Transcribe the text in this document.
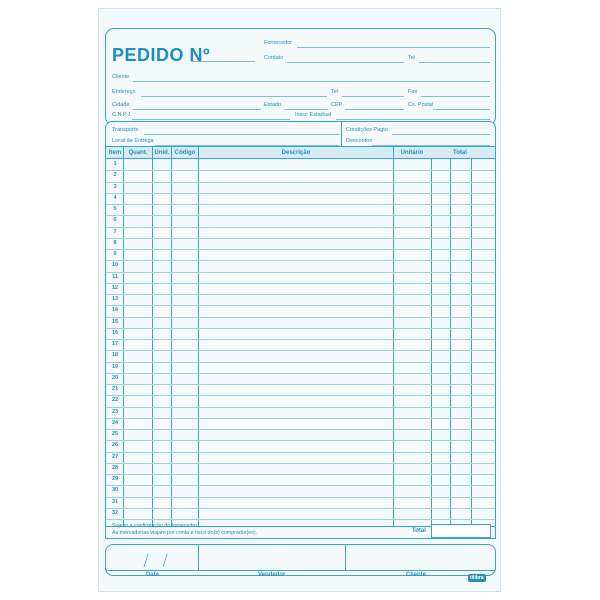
PEDIDO Nº
Fornecedor
Contato	Tel
Cliente
Endereço	Tel	Fax
Cidade	Estado	CEP	Cx. Postal
C.N.P.J.	Inscr. Estadual
Transporte	Condições Pagto
Local de Entrega	Descontos
Item	Quant.	Unid. Código	Descrição	Unitário	Total
1
2
3
4
5
6
7
8
9
10
11
12
13
14
15
16
17
18
19
20
21
22
23
24
25
26
27
28
29
30
31
32
Sujeito a confirmação do fornecedor.
As mercadorias viajam por conta e risco do(s) comprador(es).	Total
Data	Vendedor	Cliente	tilibra
